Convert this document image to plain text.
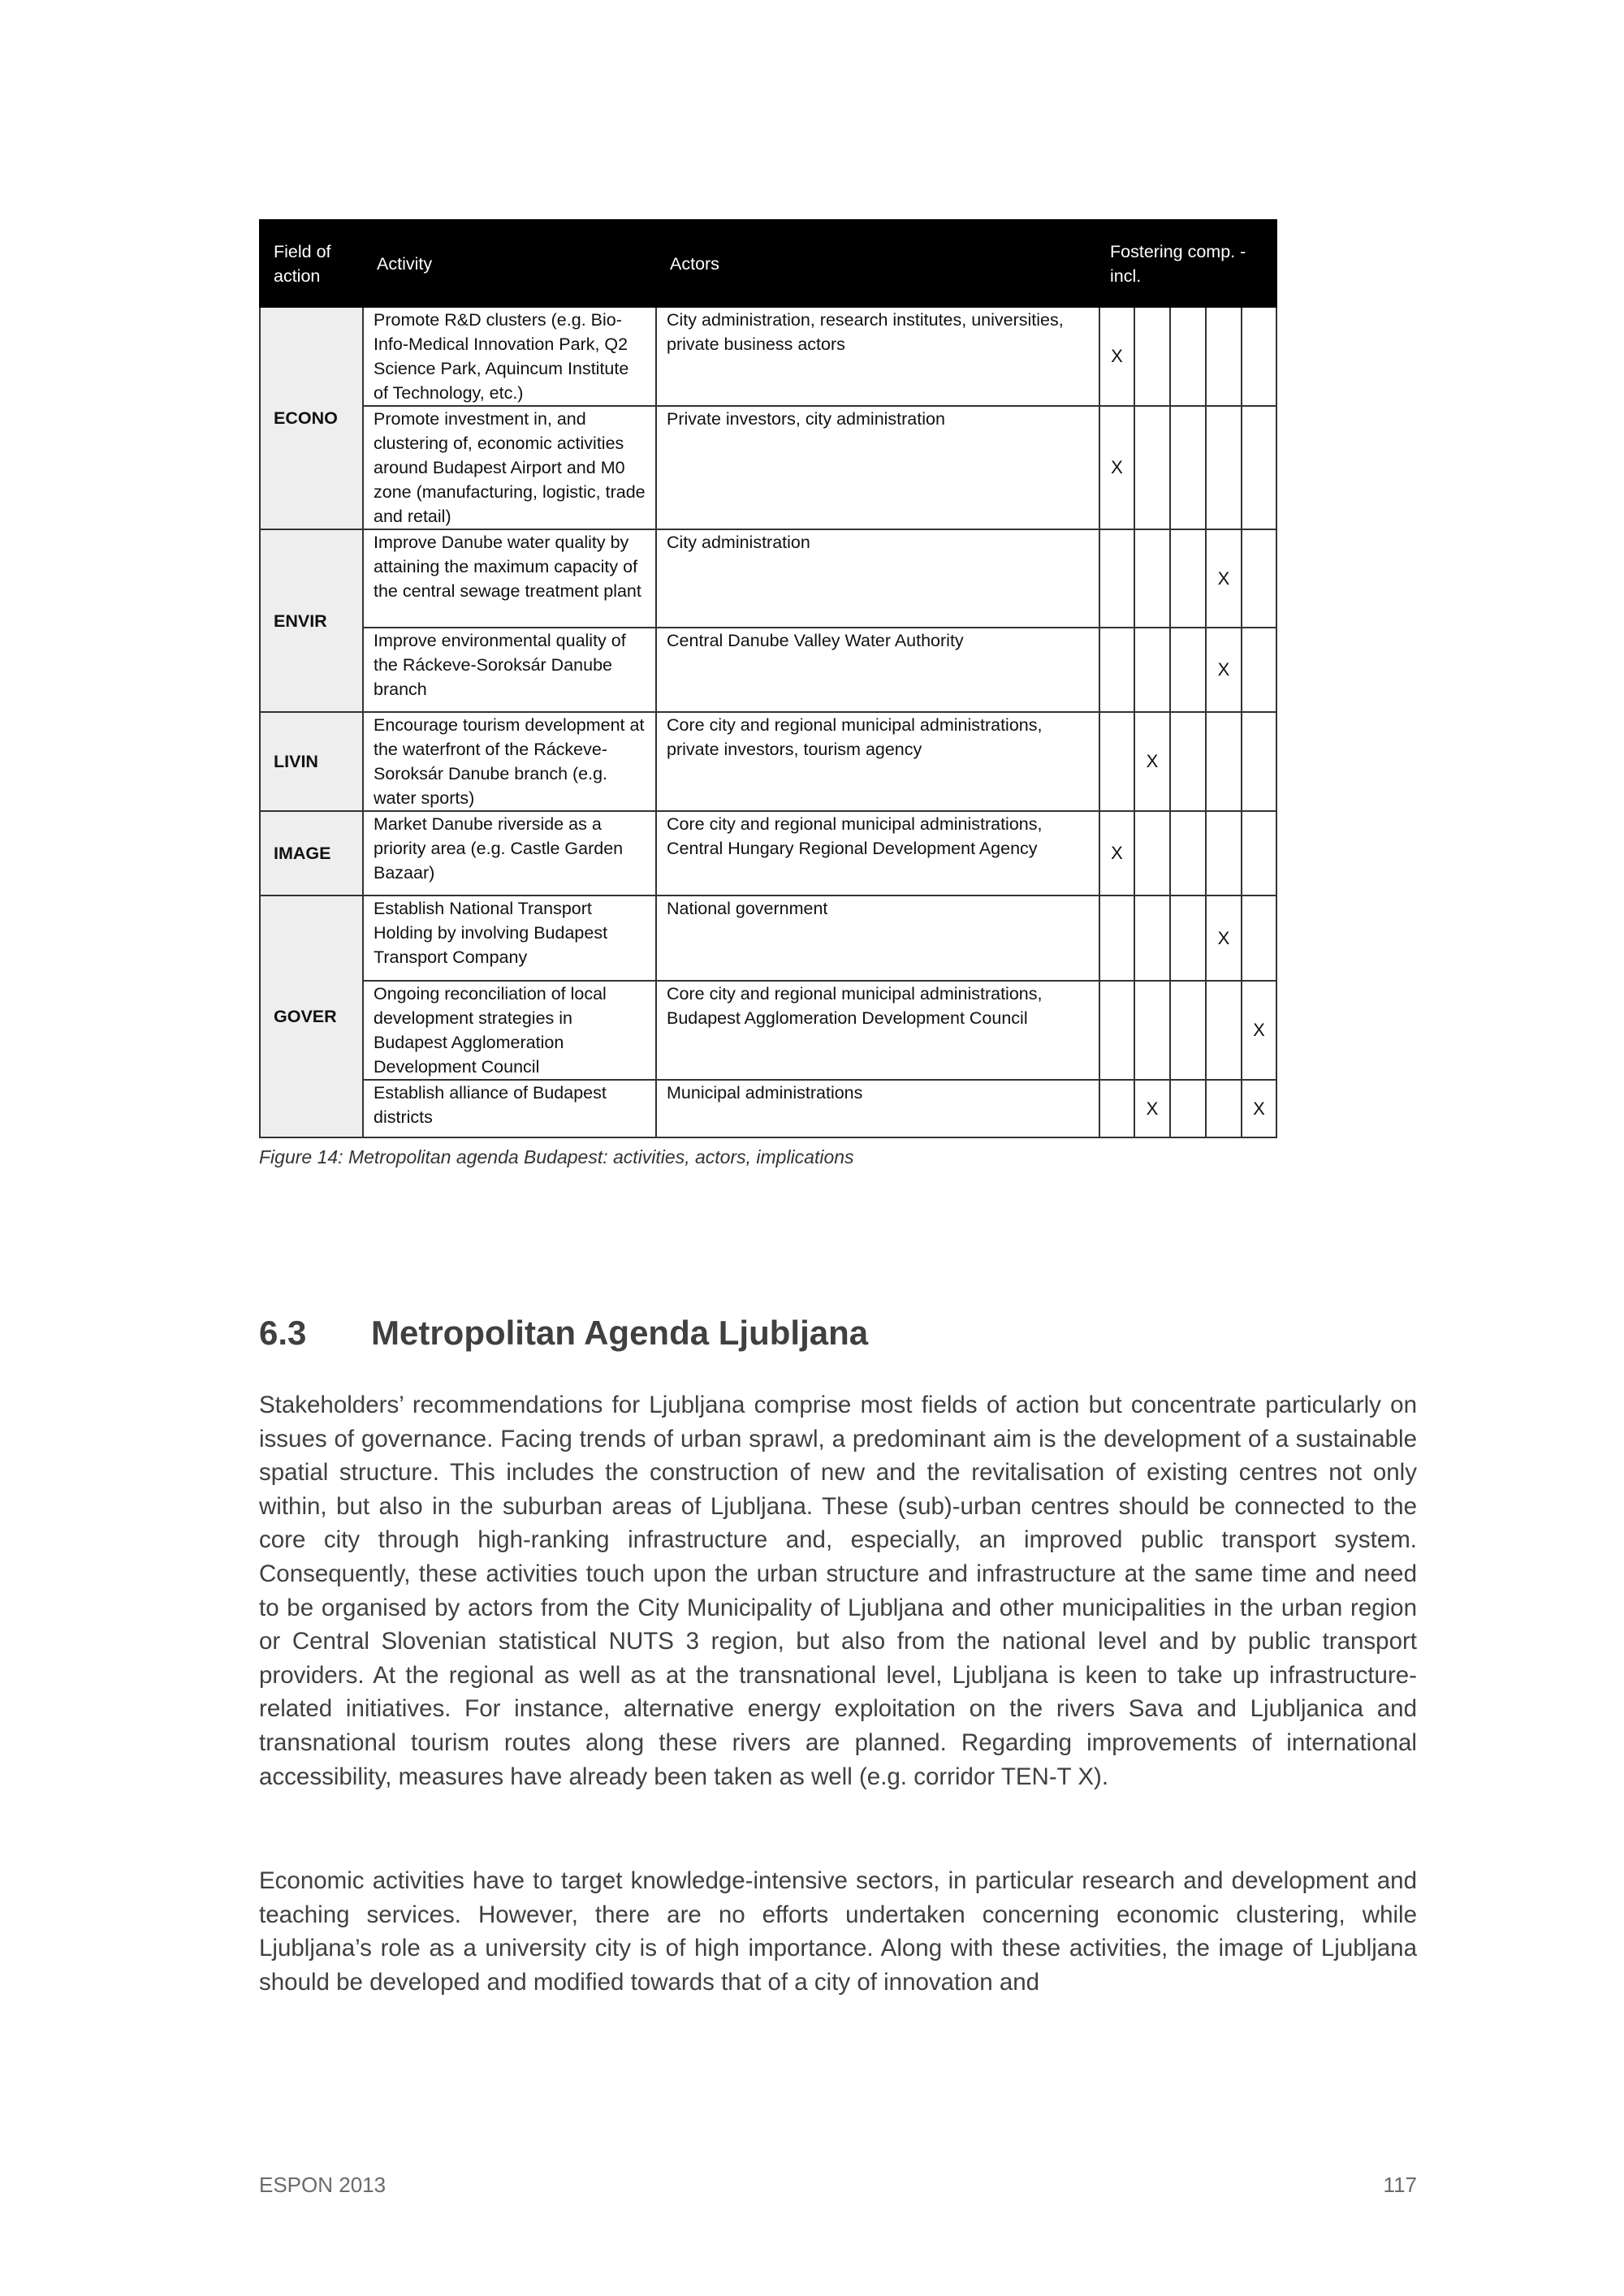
Field of action	Activity	Actors	Fostering comp. - incl.				
ECONO	Promote R&D clusters (e.g. Bio-Info-Medical Innovation Park, Q2 Science Park, Aquincum Institute of Technology, etc.)	City administration, research institutes, universities, private business actors	X				
	Promote investment in, and clustering of, economic activities around Budapest Airport and M0 zone (manufacturing, logistic, trade and retail)	Private investors, city administration	X				
ENVIR	Improve Danube water quality by attaining the maximum capacity of the central sewage treatment plant	City administration				X	
	Improve environmental quality of the Ráckeve-Soroksár Danube branch	Central Danube Valley Water Authority				X	
LIVIN	Encourage tourism development at the waterfront of the Ráckeve-Soroksár Danube branch (e.g. water sports)	Core city and regional municipal administrations, private investors, tourism agency		X			
IMAGE	Market Danube riverside as a priority area (e.g. Castle Garden Bazaar)	Core city and regional municipal administrations, Central Hungary Regional Development Agency	X				
GOVER	Establish National Transport Holding by involving Budapest Transport Company	National government				X	
	Ongoing reconciliation of local development strategies in Budapest Agglomeration Development Council	Core city and regional municipal administrations, Budapest Agglomeration Development Council					X
	Establish alliance of Budapest districts	Municipal administrations		X			X
Figure 14: Metropolitan agenda Budapest: activities, actors, implications
6.3 Metropolitan Agenda Ljubljana

Stakeholders’ recommendations for Ljubljana comprise most fields of action but concentrate particularly on issues of governance. Facing trends of urban sprawl, a predominant aim is the development of a sustainable spatial structure. This includes the construction of new and the revitalisation of existing centres not only within, but also in the suburban areas of Ljubljana. These (sub)-urban centres should be connected to the core city through high-ranking infrastructure and, especially, an improved public transport system. Consequently, these activities touch upon the urban structure and infrastructure at the same time and need to be organised by actors from the City Municipality of Ljubljana and other municipalities in the urban region or Central Slovenian statistical NUTS 3 region, but also from the national level and by public transport providers. At the regional as well as at the transnational level, Ljubljana is keen to take up infrastructure-related initiatives. For instance, alternative energy exploitation on the rivers Sava and Ljubljanica and transnational tourism routes along these rivers are planned. Regarding improvements of international accessibility, measures have already been taken as well (e.g. corridor TEN-T X).

Economic activities have to target knowledge-intensive sectors, in particular research and development and teaching services. However, there are no efforts undertaken concerning economic clustering, while Ljubljana’s role as a university city is of high importance. Along with these activities, the image of Ljubljana should be developed and modified towards that of a city of innovation and

ESPON 2013	117
